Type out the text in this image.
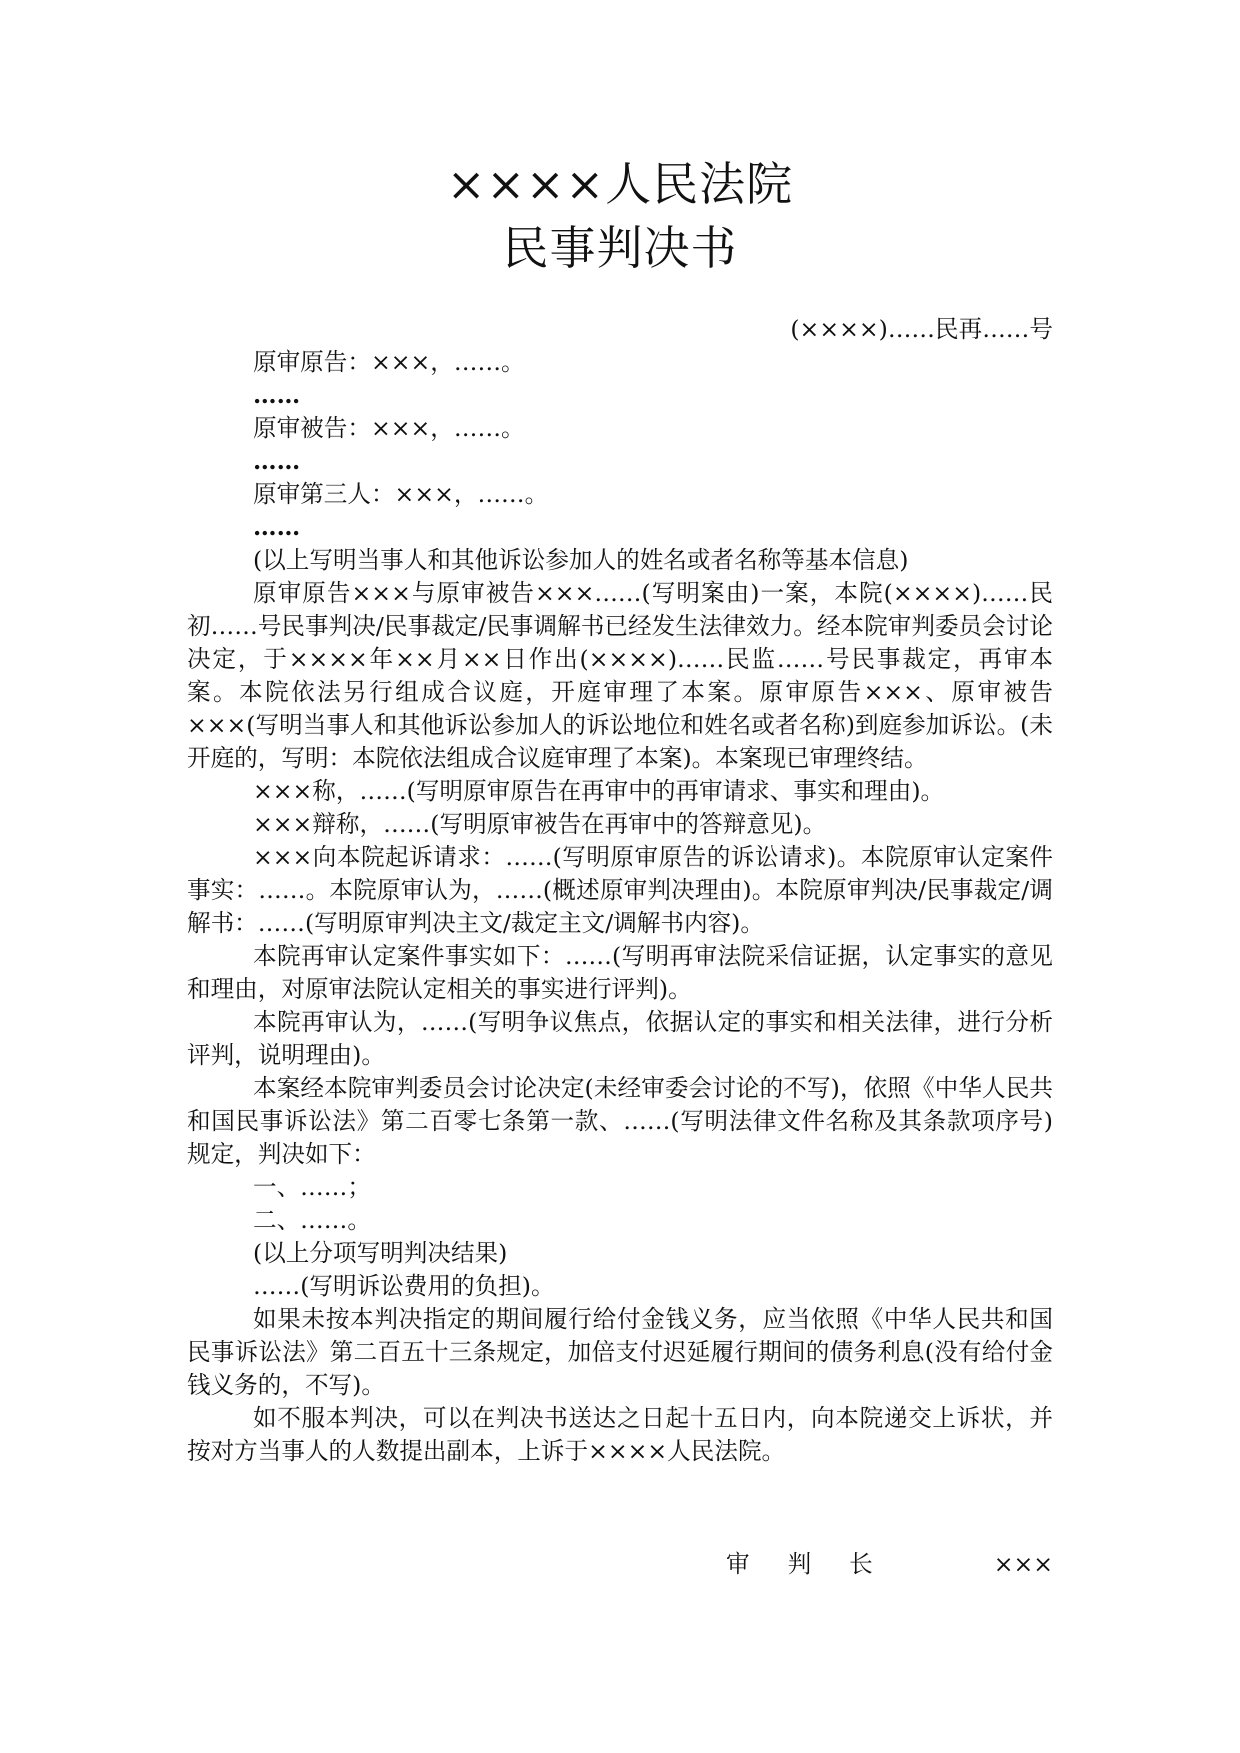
××××人民法院
民事判决书
(××××)……民再……号

原审原告：×××，……。

……

原审被告：×××，……。

……

原审第三人：×××，……。

……

(以上写明当事人和其他诉讼参加人的姓名或者名称等基本信息)

原审原告×××与原审被告×××……(写明案由)一案，本院(××××)……民初……号民事判决/民事裁定/民事调解书已经发生法律效力。经本院审判委员会讨论决定，于××××年××月××日作出(××××)……民监……号民事裁定，再审本案。本院依法另行组成合议庭，开庭审理了本案。原审原告×××、原审被告×××(写明当事人和其他诉讼参加人的诉讼地位和姓名或者名称)到庭参加诉讼。(未开庭的，写明：本院依法组成合议庭审理了本案)。本案现已审理终结。

×××称，……(写明原审原告在再审中的再审请求、事实和理由)。

×××辩称，……(写明原审被告在再审中的答辩意见)。

×××向本院起诉请求：……(写明原审原告的诉讼请求)。本院原审认定案件事实：……。本院原审认为，……(概述原审判决理由)。本院原审判决/民事裁定/调解书：……(写明原审判决主文/裁定主文/调解书内容)。

本院再审认定案件事实如下：……(写明再审法院采信证据，认定事实的意见和理由，对原审法院认定相关的事实进行评判)。

本院再审认为，……(写明争议焦点，依据认定的事实和相关法律，进行分析评判，说明理由)。

本案经本院审判委员会讨论决定(未经审委会讨论的不写)，依照《中华人民共和国民事诉讼法》第二百零七条第一款、……(写明法律文件名称及其条款项序号)规定，判决如下：

一、……；

二、……。

(以上分项写明判决结果)

……(写明诉讼费用的负担)。

如果未按本判决指定的期间履行给付金钱义务，应当依照《中华人民共和国民事诉讼法》第二百五十三条规定，加倍支付迟延履行期间的债务利息(没有给付金钱义务的，不写)。

如不服本判决，可以在判决书送达之日起十五日内，向本院递交上诉状，并按对方当事人的人数提出副本，上诉于××××人民法院。

审判长	×××
